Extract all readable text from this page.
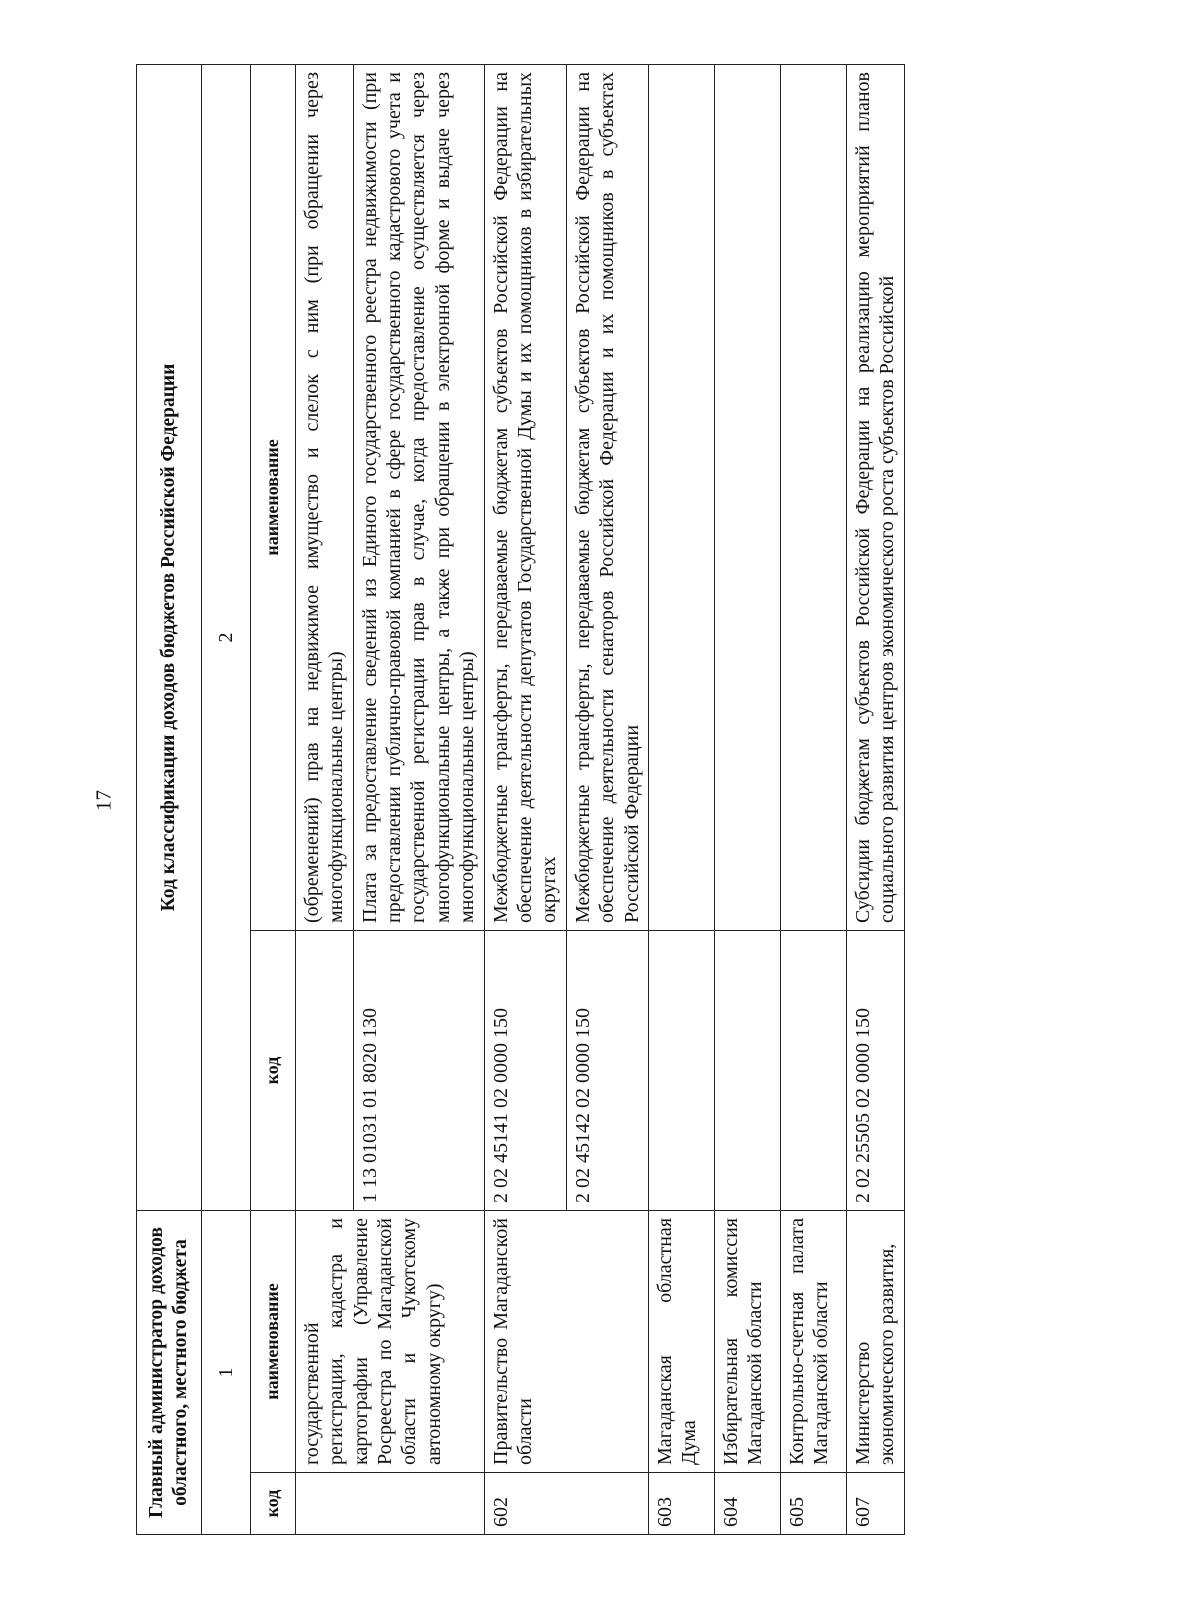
17
Главный администратор доходов областного, местного бюджета		Код классификации доходов бюджетов Российской Федерации	
1		2	
код	наименование	код	наименование
	государственной регистрации, кадастра и картографии (Управление Росреестра по Магаданской области и Чукотскому автономному округу)		(обременений) прав на недвижимое имущество и слелок с ним (при обращении через многофункциональные центры)
		1 13 01031 01 8020 130	Плата за предоставление сведений из Единого государственного реестра недвижимости (при предоставлении публично-правовой компанией в сфере государственного кадастрового учета и государственной регистрации прав в случае, когда предоставление осуществляется через многофункциональные центры, а также при обращении в электронной форме и выдаче через многофункциональные центры)
602	Правительство Магаданской области	2 02 45141 02 0000 150	Межбюджетные трансферты, передаваемые бюджетам субъектов Российской Федерации на обеспечение деятельности депутатов Государственной Думы и их помощников в избирательных округах
		2 02 45142 02 0000 150	Межбюджетные трансферты, передаваемые бюджетам субъектов Российской Федерации на обеспечение деятельности сенаторов Российской Федерации и их помощников в субъектах Российской Федерации
603	Магаданская областная Дума		
604	Избирательная комиссия Магаданской области		
605	Контрольно-счетная палата Магаданской области		
607	Министерство экономического развития,	2 02 25505 02 0000 150	Субсидии бюджетам субъектов Российской Федерации на реализацию мероприятий планов социального развития центров экономического роста субъектов Российской
